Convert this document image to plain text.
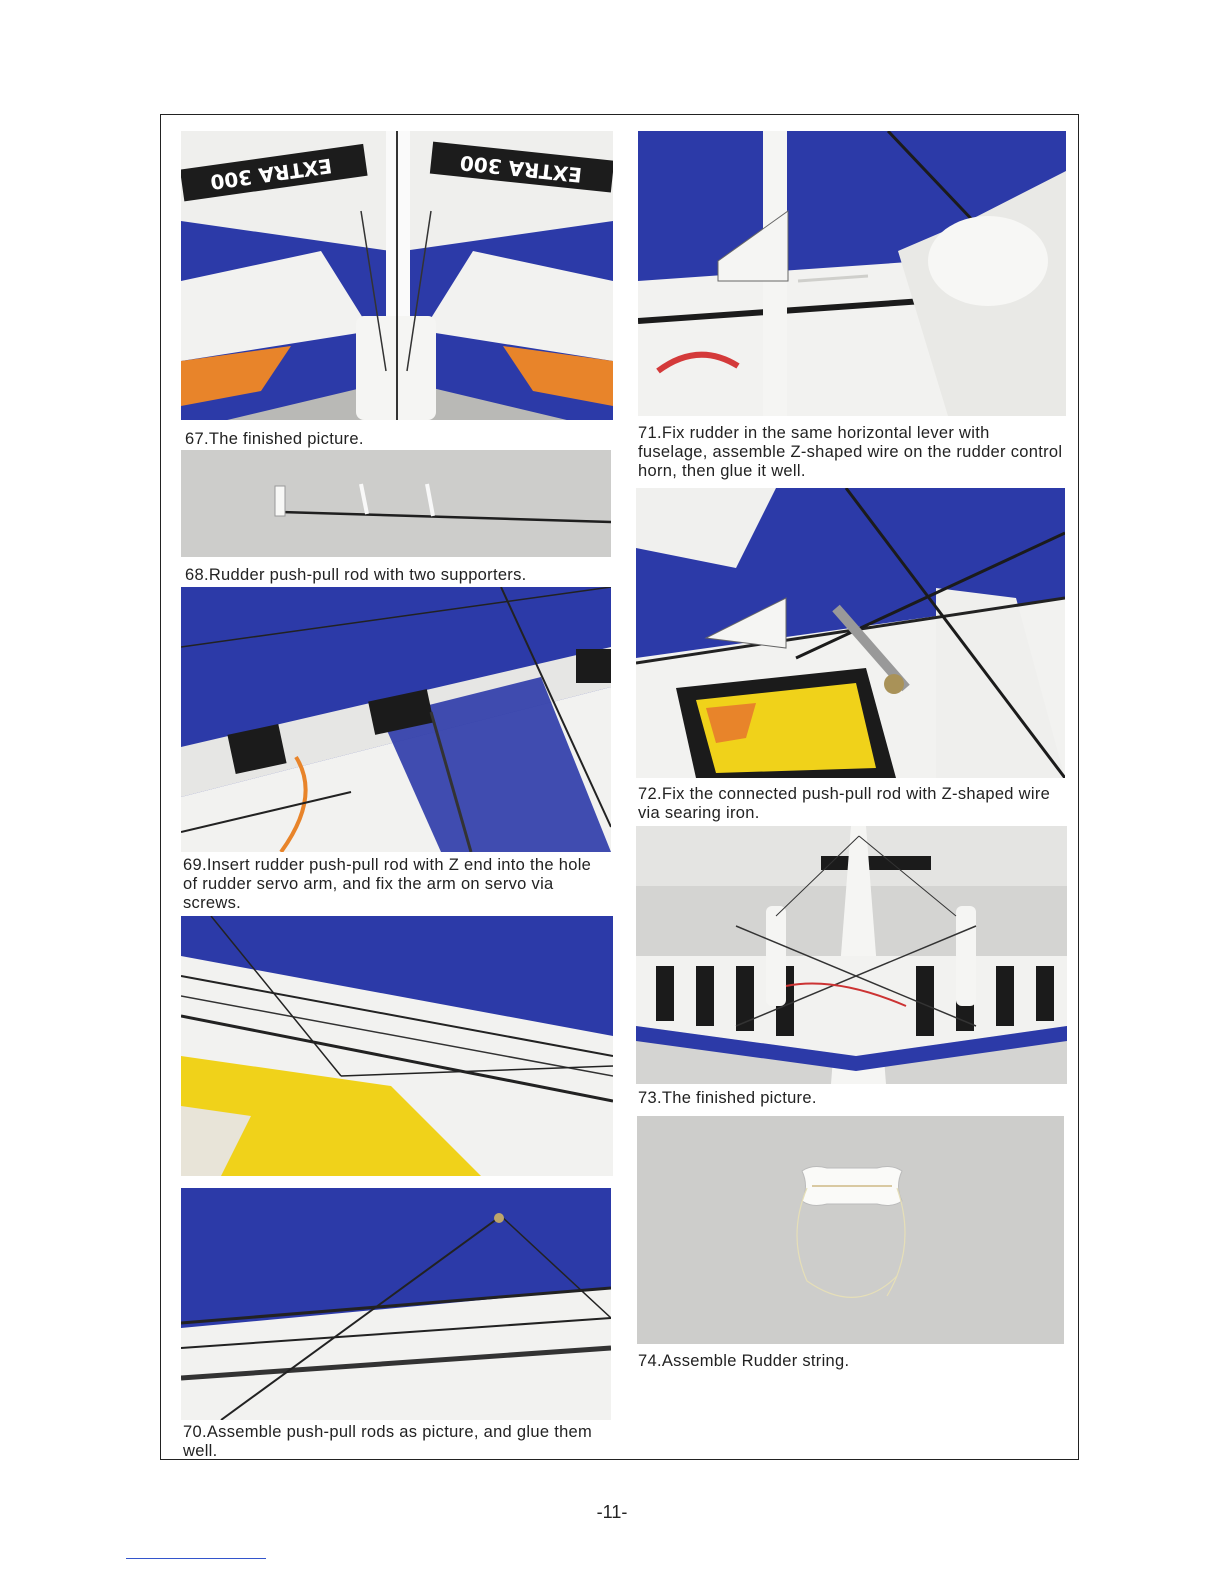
EXTRA 300	EXTRA 300
67.The finished picture.
68.Rudder push-pull rod with two supporters.
69.Insert rudder push-pull rod with Z end into the hole of rudder servo arm, and fix the arm on servo via screws.
70.Assemble push-pull rods as picture, and glue them well.
71.Fix rudder in the same horizontal lever with fuselage, assemble Z-shaped wire on the rudder control horn, then glue it well.
72.Fix the connected push-pull rod with Z-shaped wire via searing iron.
73.The finished picture.
74.Assemble Rudder string.
-11-
